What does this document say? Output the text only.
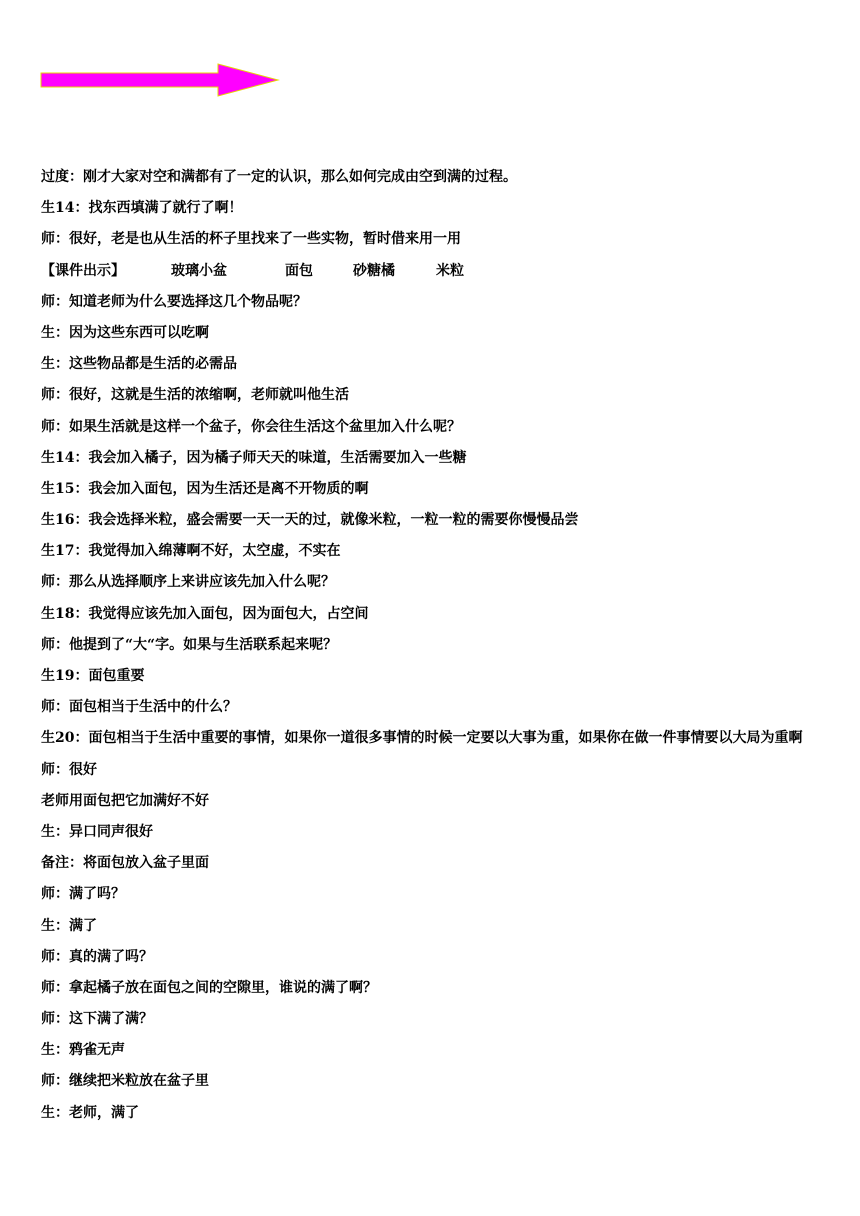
过度：刚才大家对空和满都有了一定的认识，那么如何完成由空到满的过程。

生14：找东西填满了就行了啊！

师：很好，老是也从生活的杯子里找来了一些实物，暂时借来用一用

【课件出示】	玻璃小盆	面包	砂糖橘	米粒

师：知道老师为什么要选择这几个物品呢？

生：因为这些东西可以吃啊

生：这些物品都是生活的必需品

师：很好，这就是生活的浓缩啊，老师就叫他生活

师：如果生活就是这样一个盆子，你会往生活这个盆里加入什么呢？

生14：我会加入橘子，因为橘子师天天的味道，生活需要加入一些糖

生15：我会加入面包，因为生活还是离不开物质的啊

生16：我会选择米粒，盛会需要一天一天的过，就像米粒，一粒一粒的需要你慢慢品尝

生17：我觉得加入绵薄啊不好，太空虚，不实在

师：那么从选择顺序上来讲应该先加入什么呢？

生18：我觉得应该先加入面包，因为面包大，占空间

师：他提到了“大“字。如果与生活联系起来呢？

生19：面包重要

师：面包相当于生活中的什么？

生20：面包相当于生活中重要的事情，如果你一道很多事情的时候一定要以大事为重，如果你在做一件事情要以大局为重啊

师：很好

老师用面包把它加满好不好

生：异口同声很好

备注：将面包放入盆子里面

师：满了吗？

生：满了

师：真的满了吗？

师：拿起橘子放在面包之间的空隙里，谁说的满了啊？

师：这下满了满？

生：鸦雀无声

师：继续把米粒放在盆子里

生：老师，满了
